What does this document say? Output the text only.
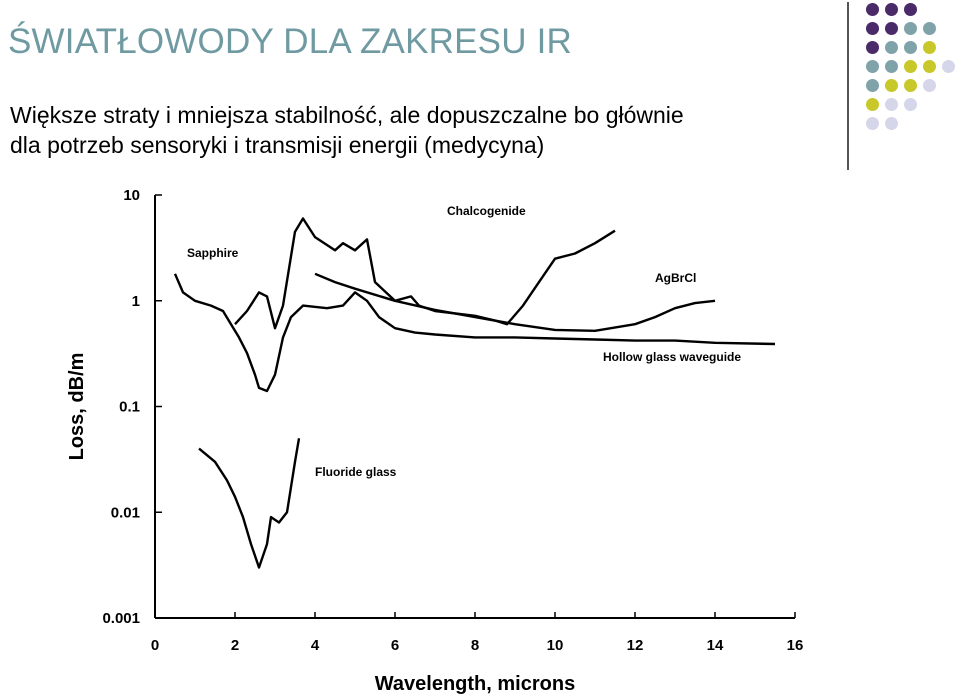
ŚWIATŁOWODY DLA ZAKRESU IR
Większe straty i mniejsza stabilność, ale dopuszczalne bo głównie
dla potrzeb sensoryki i transmisji energii (medycyna)
0	2	4	6	8	10	12	14	16
10
1
0.1
0.01
0.001
Wavelength, microns
Loss, dB/m
Chalcogenide
Sapphire
AgBrCl
Hollow glass waveguide
Fluoride glass
